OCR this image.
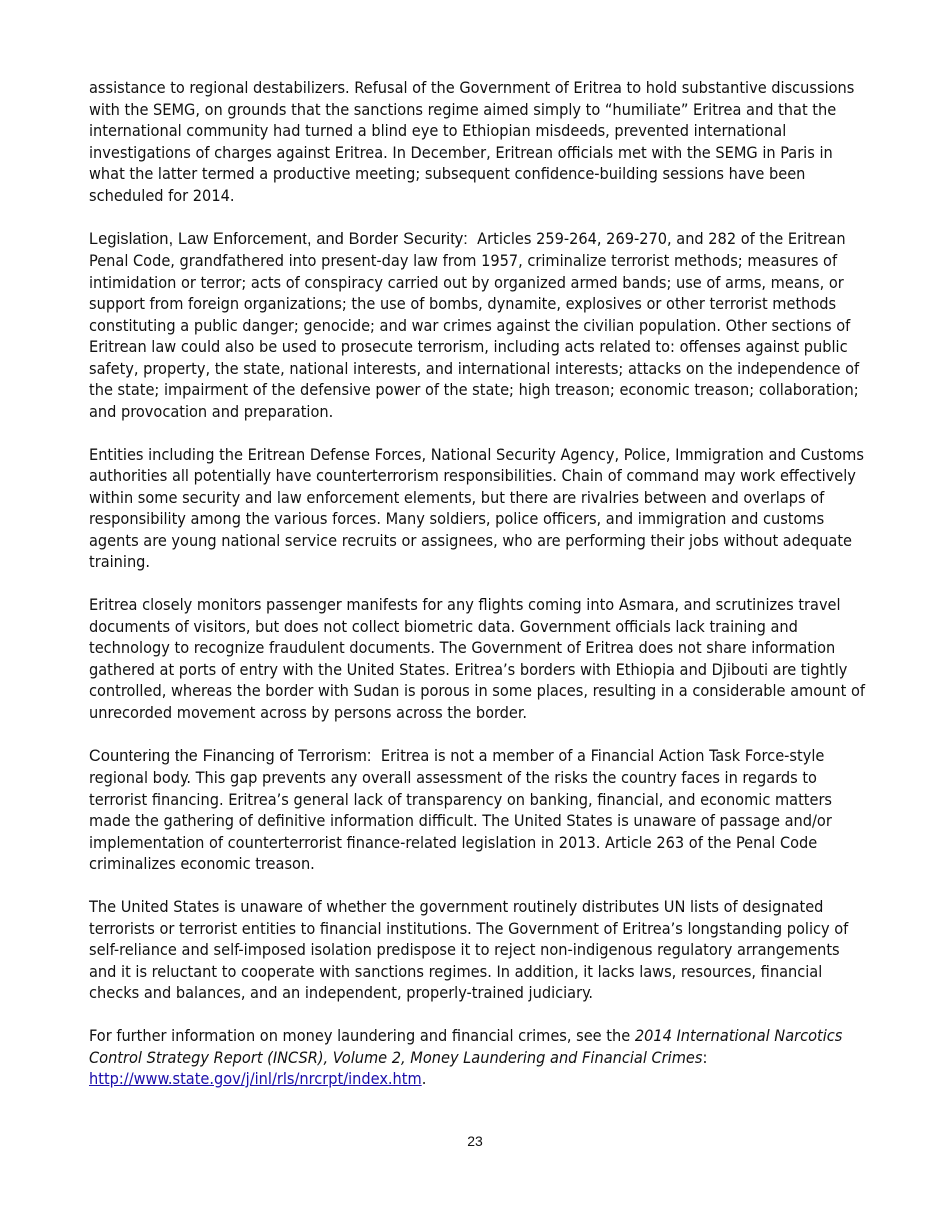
assistance to regional destabilizers. Refusal of the Government of Eritrea to hold substantive discussions with the SEMG, on grounds that the sanctions regime aimed simply to “humiliate” Eritrea and that the international community had turned a blind eye to Ethiopian misdeeds, prevented international investigations of charges against Eritrea. In December, Eritrean officials met with the SEMG in Paris in what the latter termed a productive meeting; subsequent confidence-building sessions have been scheduled for 2014.

Legislation, Law Enforcement, and Border Security: Articles 259-264, 269-270, and 282 of the Eritrean Penal Code, grandfathered into present-day law from 1957, criminalize terrorist methods; measures of intimidation or terror; acts of conspiracy carried out by organized armed bands; use of arms, means, or support from foreign organizations; the use of bombs, dynamite, explosives or other terrorist methods constituting a public danger; genocide; and war crimes against the civilian population. Other sections of Eritrean law could also be used to prosecute terrorism, including acts related to: offenses against public safety, property, the state, national interests, and international interests; attacks on the independence of the state; impairment of the defensive power of the state; high treason; economic treason; collaboration; and provocation and preparation.

Entities including the Eritrean Defense Forces, National Security Agency, Police, Immigration and Customs authorities all potentially have counterterrorism responsibilities. Chain of command may work effectively within some security and law enforcement elements, but there are rivalries between and overlaps of responsibility among the various forces. Many soldiers, police officers, and immigration and customs agents are young national service recruits or assignees, who are performing their jobs without adequate training.

Eritrea closely monitors passenger manifests for any flights coming into Asmara, and scrutinizes travel documents of visitors, but does not collect biometric data. Government officials lack training and technology to recognize fraudulent documents. The Government of Eritrea does not share information gathered at ports of entry with the United States. Eritrea’s borders with Ethiopia and Djibouti are tightly controlled, whereas the border with Sudan is porous in some places, resulting in a considerable amount of unrecorded movement across by persons across the border.

Countering the Financing of Terrorism: Eritrea is not a member of a Financial Action Task Force-style regional body. This gap prevents any overall assessment of the risks the country faces in regards to terrorist financing. Eritrea’s general lack of transparency on banking, financial, and economic matters made the gathering of definitive information difficult. The United States is unaware of passage and/or implementation of counterterrorist finance-related legislation in 2013. Article 263 of the Penal Code criminalizes economic treason.

The United States is unaware of whether the government routinely distributes UN lists of designated terrorists or terrorist entities to financial institutions. The Government of Eritrea’s longstanding policy of self-reliance and self-imposed isolation predispose it to reject non-indigenous regulatory arrangements and it is reluctant to cooperate with sanctions regimes. In addition, it lacks laws, resources, financial checks and balances, and an independent, properly-trained judiciary.

For further information on money laundering and financial crimes, see the 2014 International Narcotics Control Strategy Report (INCSR), Volume 2, Money Laundering and Financial Crimes: http://www.state.gov/j/inl/rls/nrcrpt/index.htm.

23
